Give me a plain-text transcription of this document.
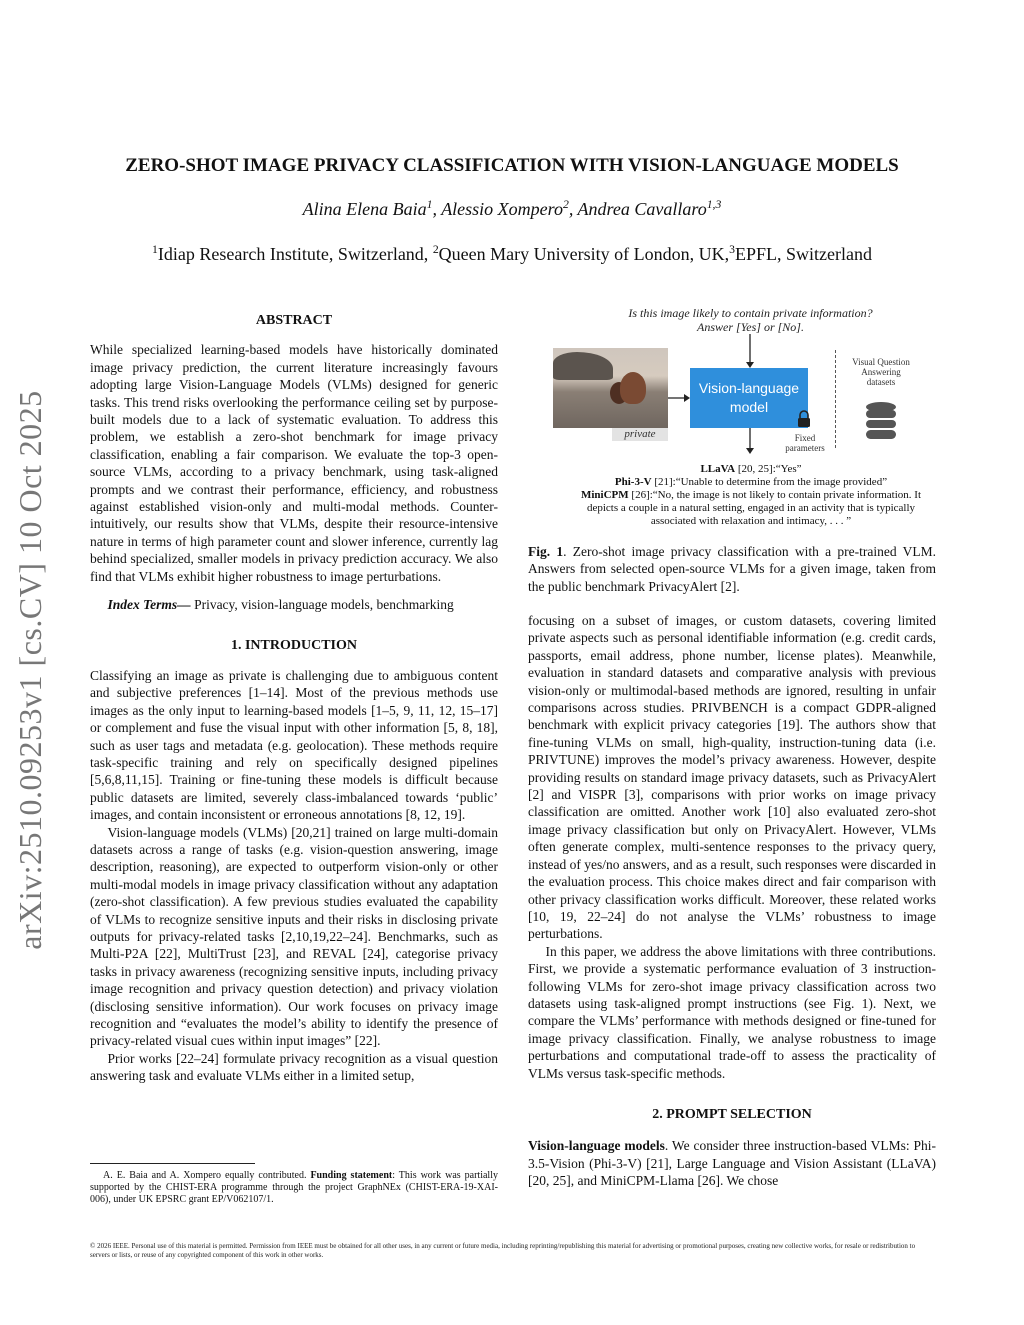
arXiv:2510.09253v1 [cs.CV] 10 Oct 2025
ZERO-SHOT IMAGE PRIVACY CLASSIFICATION WITH VISION-LANGUAGE MODELS
Alina Elena Baia$^1$, Alessio Xompero$^2$, Andrea Cavallaro$^{1,3}$
$^1$Idiap Research Institute, Switzerland, $^2$Queen Mary University of London, UK,$^3$EPFL, Switzerland

ABSTRACT

While specialized learning-based models have historically dominated image privacy prediction, the current literature increasingly favours adopting large Vision-Language Models (VLMs) designed for generic tasks. This trend risks overlooking the performance ceiling set by purpose-built models due to a lack of systematic evaluation. To address this problem, we establish a zero-shot benchmark for image privacy classification, enabling a fair comparison. We evaluate the top-3 open-source VLMs, according to a privacy benchmark, using task-aligned prompts and we contrast their performance, efficiency, and robustness against established vision-only and multi-modal methods. Counter-intuitively, our results show that VLMs, despite their resource-intensive nature in terms of high parameter count and slower inference, currently lag behind specialized, smaller models in privacy prediction accuracy. We also find that VLMs exhibit higher robustness to image perturbations.

Index Terms— Privacy, vision-language models, benchmarking

1. INTRODUCTION

Classifying an image as private is challenging due to ambiguous content and subjective preferences [1–14]. Most of the previous methods use images as the only input to learning-based models [1–5, 9, 11, 12, 15–17] or complement and fuse the visual input with other information [5, 8, 18], such as user tags and metadata (e.g. geolocation). These methods require task-specific training and rely on specifically designed pipelines [5,6,8,11,15]. Training or fine-tuning these models is difficult because public datasets are limited, severely class-imbalanced towards ‘public’ images, and contain inconsistent or erroneous annotations [8, 12, 19].

Vision-language models (VLMs) [20,21] trained on large multi-domain datasets across a range of tasks (e.g. vision-question answering, image description, reasoning), are expected to outperform vision-only or other multi-modal models in image privacy classification without any adaptation (zero-shot classification). A few previous studies evaluated the capability of VLMs to recognize sensitive inputs and their risks in disclosing private outputs for privacy-related tasks [2,10,19,22–24]. Benchmarks, such as Multi-P2A [22], MultiTrust [23], and REVAL [24], categorise privacy tasks in privacy awareness (recognizing sensitive inputs, including privacy image recognition and privacy question detection) and privacy violation (disclosing sensitive information). Our work focuses on privacy image recognition and “evaluates the model’s ability to identify the presence of privacy-related visual cues within input images” [22].

Prior works [22–24] formulate privacy recognition as a visual question answering task and evaluate VLMs either in a limited setup,

A. E. Baia and A. Xompero equally contributed. Funding statement: This work was partially supported by the CHIST-ERA programme through the project GraphNEx (CHIST-ERA-19-XAI-006), under UK EPSRC grant EP/V062107/1.
© 2026 IEEE. Personal use of this material is permitted. Permission from IEEE must be obtained for all other uses, in any current or future media, including reprinting/republishing this material for advertising or promotional purposes, creating new collective works, for resale or redistribution to servers or lists, or reuse of any copyrighted component of this work in other works.
Is this image likely to contain private information?
Answer [Yes] or [No].
private
Vision-language
model
Fixed
parameters
Visual Question
Answering
datasets
LLaVA [20, 25]:“Yes”
Phi-3-V [21]:“Unable to determine from the image provided”
MiniCPM [26]:“No, the image is not likely to contain private information. It depicts a couple in a natural setting, engaged in an activity that is typically associated with relaxation and intimacy, . . . ”
Fig. 1. Zero-shot image privacy classification with a pre-trained VLM. Answers from selected open-source VLMs for a given image, taken from the public benchmark PrivacyAlert [2].

focusing on a subset of images, or custom datasets, covering limited private aspects such as personal identifiable information (e.g. credit cards, passports, email address, phone number, license plates). Meanwhile, evaluation in standard datasets and comparative analysis with previous vision-only or multimodal-based methods are ignored, resulting in unfair comparisons across studies. PRIVBENCH is a compact GDPR-aligned benchmark with explicit privacy categories [19]. The authors show that fine-tuning VLMs on small, high-quality, instruction-tuning data (i.e. PRIVTUNE) improves the model’s privacy awareness. However, despite providing results on standard image privacy datasets, such as PrivacyAlert [2] and VISPR [3], comparisons with prior works on image privacy classification are omitted. Another work [10] also evaluated zero-shot image privacy classification but only on PrivacyAlert. However, VLMs often generate complex, multi-sentence responses to the privacy query, instead of yes/no answers, and as a result, such responses were discarded in the evaluation process. This choice makes direct and fair comparison with other privacy classification works difficult. Moreover, these related works [10, 19, 22–24] do not analyse the VLMs’ robustness to image perturbations.

In this paper, we address the above limitations with three contributions. First, we provide a systematic performance evaluation of 3 instruction-following VLMs for zero-shot image privacy classification across two datasets using task-aligned prompt instructions (see Fig. 1). Next, we compare the VLMs’ performance with methods designed or fine-tuned for image privacy classification. Finally, we analyse robustness to image perturbations and computational trade-off to assess the practicality of VLMs versus task-specific methods.

2. PROMPT SELECTION

Vision-language models. We consider three instruction-based VLMs: Phi-3.5-Vision (Phi-3-V) [21], Large Language and Vision Assistant (LLaVA) [20, 25], and MiniCPM-Llama [26]. We chose
